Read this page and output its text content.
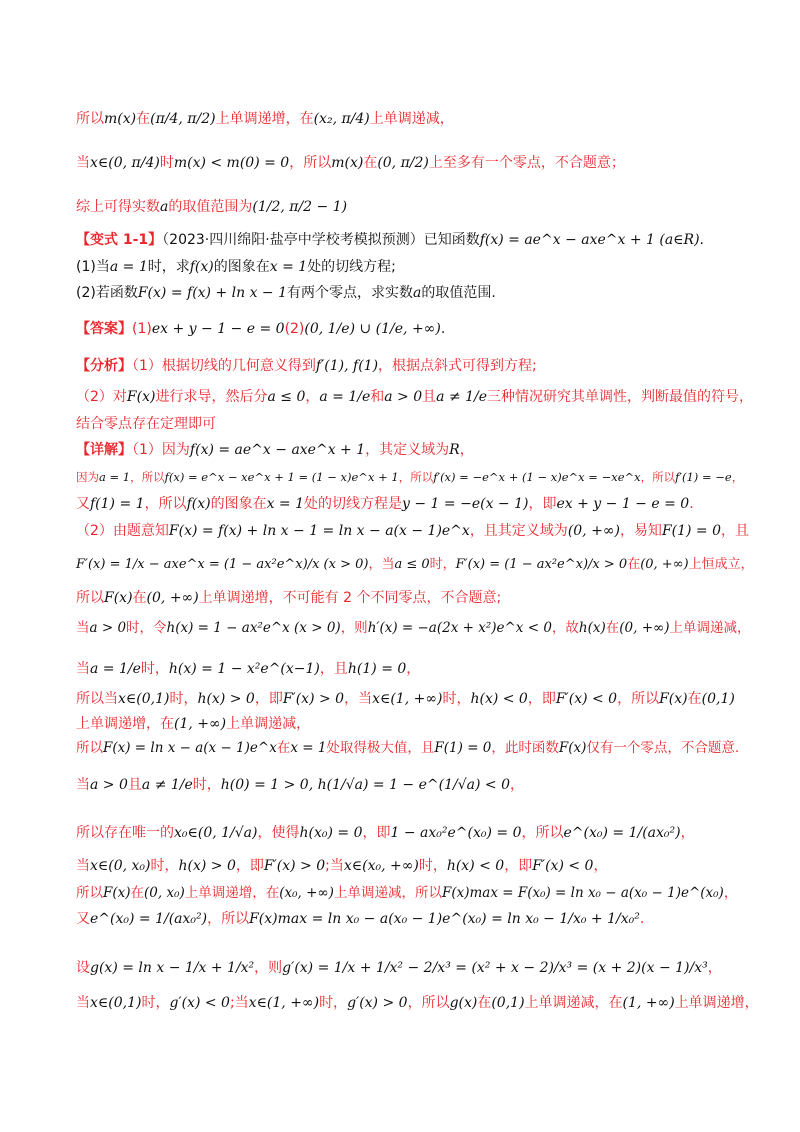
所以m(x)在(π/4, π/2)上单调递增，在(x₂, π/4)上单调递减，
当x∈(0, π/4)时m(x) < m(0) = 0，所以m(x)在(0, π/2)上至多有一个零点，不合题意；
综上可得实数a的取值范围为(1/2, π/2 − 1)
【变式 1-1】（2023·四川绵阳·盐亭中学校考模拟预测）已知函数f(x) = ae^x − axe^x + 1 (a∈R).
(1)当a = 1时，求f(x)的图象在x = 1处的切线方程;
(2)若函数F(x) = f(x) + ln x − 1有两个零点，求实数a的取值范围.
【答案】(1)ex + y − 1 − e = 0(2)(0, 1/e) ∪ (1/e, +∞).
【分析】（1）根据切线的几何意义得到f′(1), f(1)，根据点斜式可得到方程;
（2）对F(x)进行求导，然后分a ≤ 0，a = 1/e和a > 0且a ≠ 1/e三种情况研究其单调性，判断最值的符号，
结合零点存在定理即可
【详解】（1）因为f(x) = ae^x − axe^x + 1，其定义域为R，
因为a = 1，所以f(x) = e^x − xe^x + 1 = (1 − x)e^x + 1，所以f′(x) = −e^x + (1 − x)e^x = −xe^x，所以f′(1) = −e，
又f(1) = 1，所以f(x)的图象在x = 1处的切线方程是y − 1 = −e(x − 1)，即ex + y − 1 − e = 0.
（2）由题意知F(x) = f(x) + ln x − 1 = ln x − a(x − 1)e^x，且其定义域为(0, +∞)，易知F(1) = 0，且
F′(x) = 1/x − axe^x = (1 − ax²e^x)/x (x > 0)，当a ≤ 0时，F′(x) = (1 − ax²e^x)/x > 0在(0, +∞)上恒成立，
所以F(x)在(0, +∞)上单调递增，不可能有 2 个不同零点，不合题意;
当a > 0时，令h(x) = 1 − ax²e^x (x > 0)，则h′(x) = −a(2x + x²)e^x < 0，故h(x)在(0, +∞)上单调递减，
当a = 1/e时，h(x) = 1 − x²e^(x−1)，且h(1) = 0，
所以当x∈(0,1)时，h(x) > 0，即F′(x) > 0，当x∈(1, +∞)时，h(x) < 0，即F′(x) < 0，所以F(x)在(0,1)
上单调递增，在(1, +∞)上单调递减，
所以F(x) = ln x − a(x − 1)e^x在x = 1处取得极大值，且F(1) = 0，此时函数F(x)仅有一个零点，不合题意.
当a > 0且a ≠ 1/e时，h(0) = 1 > 0, h(1/√a) = 1 − e^(1/√a) < 0，
所以存在唯一的x₀∈(0, 1/√a)，使得h(x₀) = 0，即1 − ax₀²e^(x₀) = 0，所以e^(x₀) = 1/(ax₀²)，
当x∈(0, x₀)时，h(x) > 0，即F′(x) > 0;当x∈(x₀, +∞)时，h(x) < 0，即F′(x) < 0，
所以F(x)在(0, x₀)上单调递增，在(x₀, +∞)上单调递减，所以F(x)max = F(x₀) = ln x₀ − a(x₀ − 1)e^(x₀)，
又e^(x₀) = 1/(ax₀²)，所以F(x)max = ln x₀ − a(x₀ − 1)e^(x₀) = ln x₀ − 1/x₀ + 1/x₀².
设g(x) = ln x − 1/x + 1/x²，则g′(x) = 1/x + 1/x² − 2/x³ = (x² + x − 2)/x³ = (x + 2)(x − 1)/x³，
当x∈(0,1)时，g′(x) < 0;当x∈(1, +∞)时，g′(x) > 0，所以g(x)在(0,1)上单调递减，在(1, +∞)上单调递增，
